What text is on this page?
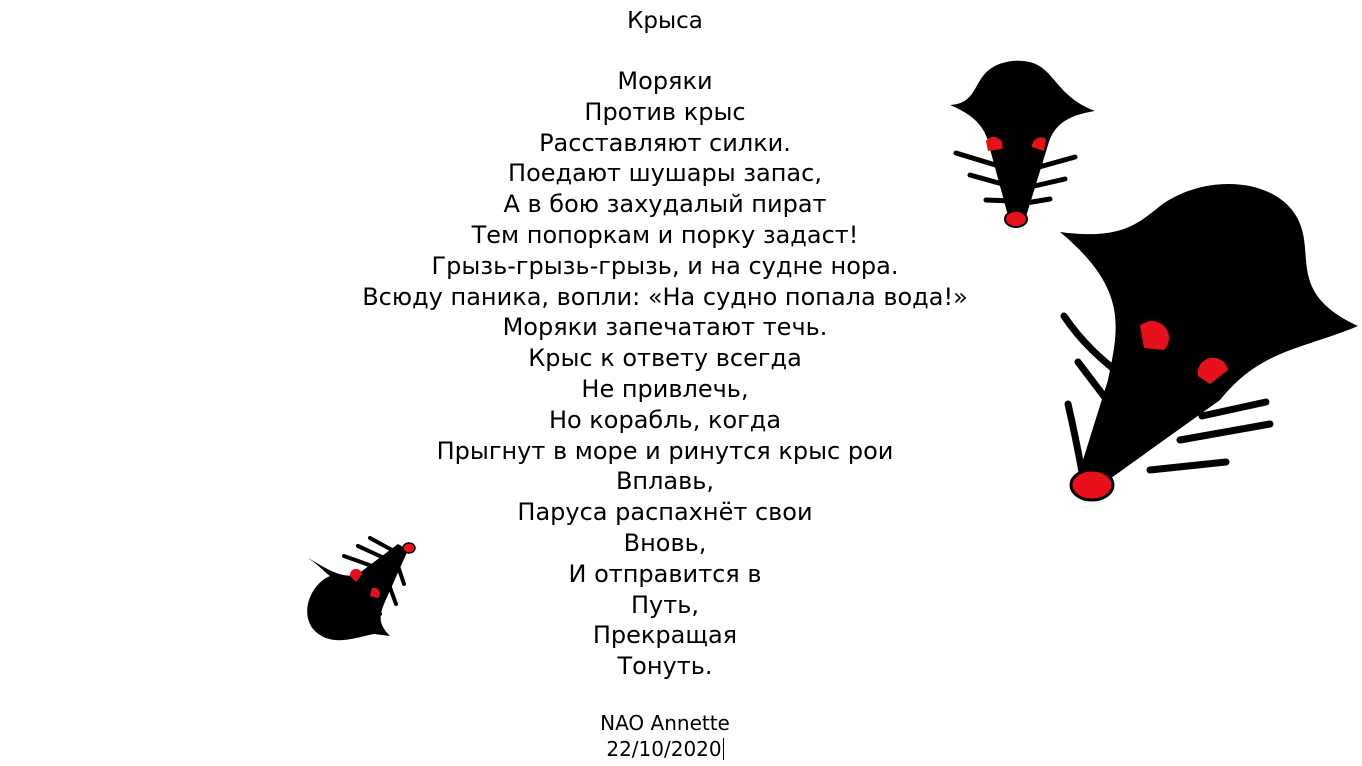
Крыса
Моряки
Против крыс
Расставляют силки.
Поедают шушары запас,
А в бою захудалый пират
Тем попоркам и порку задаст!
Грызь-грызь-грызь, и на судне нора.
Всюду паника, вопли: «На судно попала вода!»
Моряки запечатают течь.
Крыс к ответу всегда
Не привлечь,
Но корабль, когда
Прыгнут в море и ринутся крыс рои
Вплавь,
Паруса распахнёт свои
Вновь,
И отправится в
Путь,
Прекращая
Тонуть.
NAO Annette
22/10/2020
